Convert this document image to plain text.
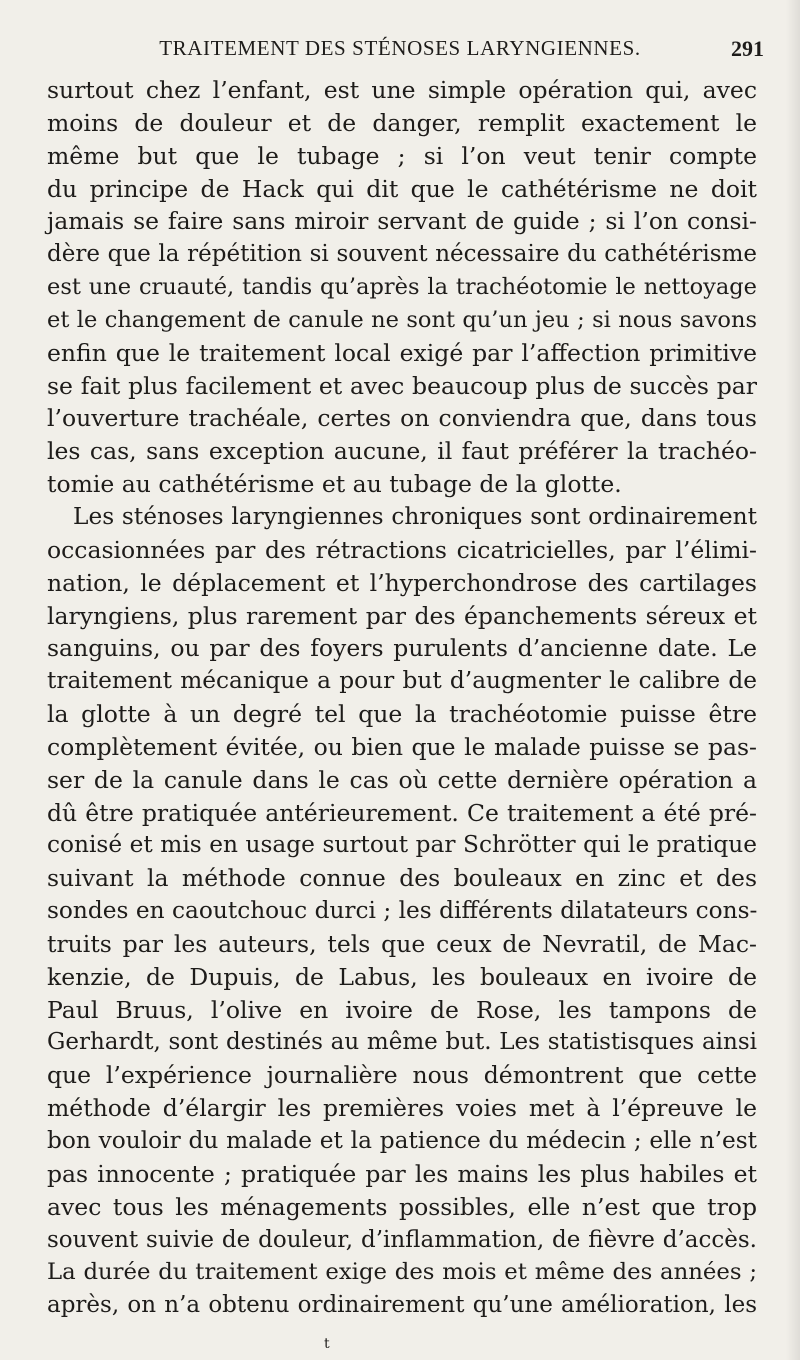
TRAITEMENT DES STÉNOSES LARYNGIENNES.	291
surtout chez l’enfant, est une simple opération qui, avec
moins de douleur et de danger, remplit exactement le
même but que le tubage ; si l’on veut tenir compte
du principe de Hack qui dit que le cathétérisme ne doit
jamais se faire sans miroir servant de guide ; si l’on consi-
dère que la répétition si souvent nécessaire du cathétérisme
est une cruauté, tandis qu’après la trachéotomie le nettoyage
et le changement de canule ne sont qu’un jeu ; si nous savons
enfin que le traitement local exigé par l’affection primitive
se fait plus facilement et avec beaucoup plus de succès par
l’ouverture trachéale, certes on conviendra que, dans tous
les cas, sans exception aucune, il faut préférer la trachéo-
tomie au cathétérisme et au tubage de la glotte.
Les sténoses laryngiennes chroniques sont ordinairement
occasionnées par des rétractions cicatricielles, par l’élimi-
nation, le déplacement et l’hyperchondrose des cartilages
laryngiens, plus rarement par des épanchements séreux et
sanguins, ou par des foyers purulents d’ancienne date. Le
traitement mécanique a pour but d’augmenter le calibre de
la glotte à un degré tel que la trachéotomie puisse être
complètement évitée, ou bien que le malade puisse se pas-
ser de la canule dans le cas où cette dernière opération a
dû être pratiquée antérieurement. Ce traitement a été pré-
conisé et mis en usage surtout par Schrötter qui le pratique
suivant la méthode connue des bouleaux en zinc et des
sondes en caoutchouc durci ; les différents dilatateurs cons-
truits par les auteurs, tels que ceux de Nevratil, de Mac-
kenzie, de Dupuis, de Labus, les bouleaux en ivoire de
Paul Bruus, l’olive en ivoire de Rose, les tampons de
Gerhardt, sont destinés au même but. Les statistisques ainsi
que l’expérience journalière nous démontrent que cette
méthode d’élargir les premières voies met à l’épreuve le
bon vouloir du malade et la patience du médecin ; elle n’est
pas innocente ; pratiquée par les mains les plus habiles et
avec tous les ménagements possibles, elle n’est que trop
souvent suivie de douleur, d’inflammation, de fièvre d’accès.
La durée du traitement exige des mois et même des années ;
après, on n’a obtenu ordinairement qu’une amélioration, les
t
